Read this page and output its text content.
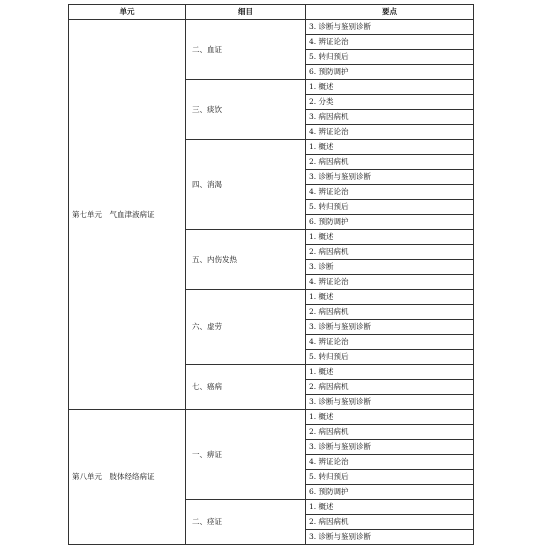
单元	细目	要点
第七单元　气血津液病证	二、血证	3. 诊断与鉴别诊断
		4. 辨证论治
		5. 转归预后
		6. 预防调护
	三、痰饮	1. 概述
		2. 分类
		3. 病因病机
		4. 辨证论治
	四、消渴	1. 概述
		2. 病因病机
		3. 诊断与鉴别诊断
		4. 辨证论治
		5. 转归预后
		6. 预防调护
	五、内伤发热	1. 概述
		2. 病因病机
		3. 诊断
		4. 辨证论治
	六、虚劳	1. 概述
		2. 病因病机
		3. 诊断与鉴别诊断
		4. 辨证论治
		5. 转归预后
	七、癌病	1. 概述
		2. 病因病机
		3. 诊断与鉴别诊断
第八单元　肢体经络病证	一、痹证	1. 概述
		2. 病因病机
		3. 诊断与鉴别诊断
		4. 辨证论治
		5. 转归预后
		6. 预防调护
	二、痉证	1. 概述
		2. 病因病机
		3. 诊断与鉴别诊断
